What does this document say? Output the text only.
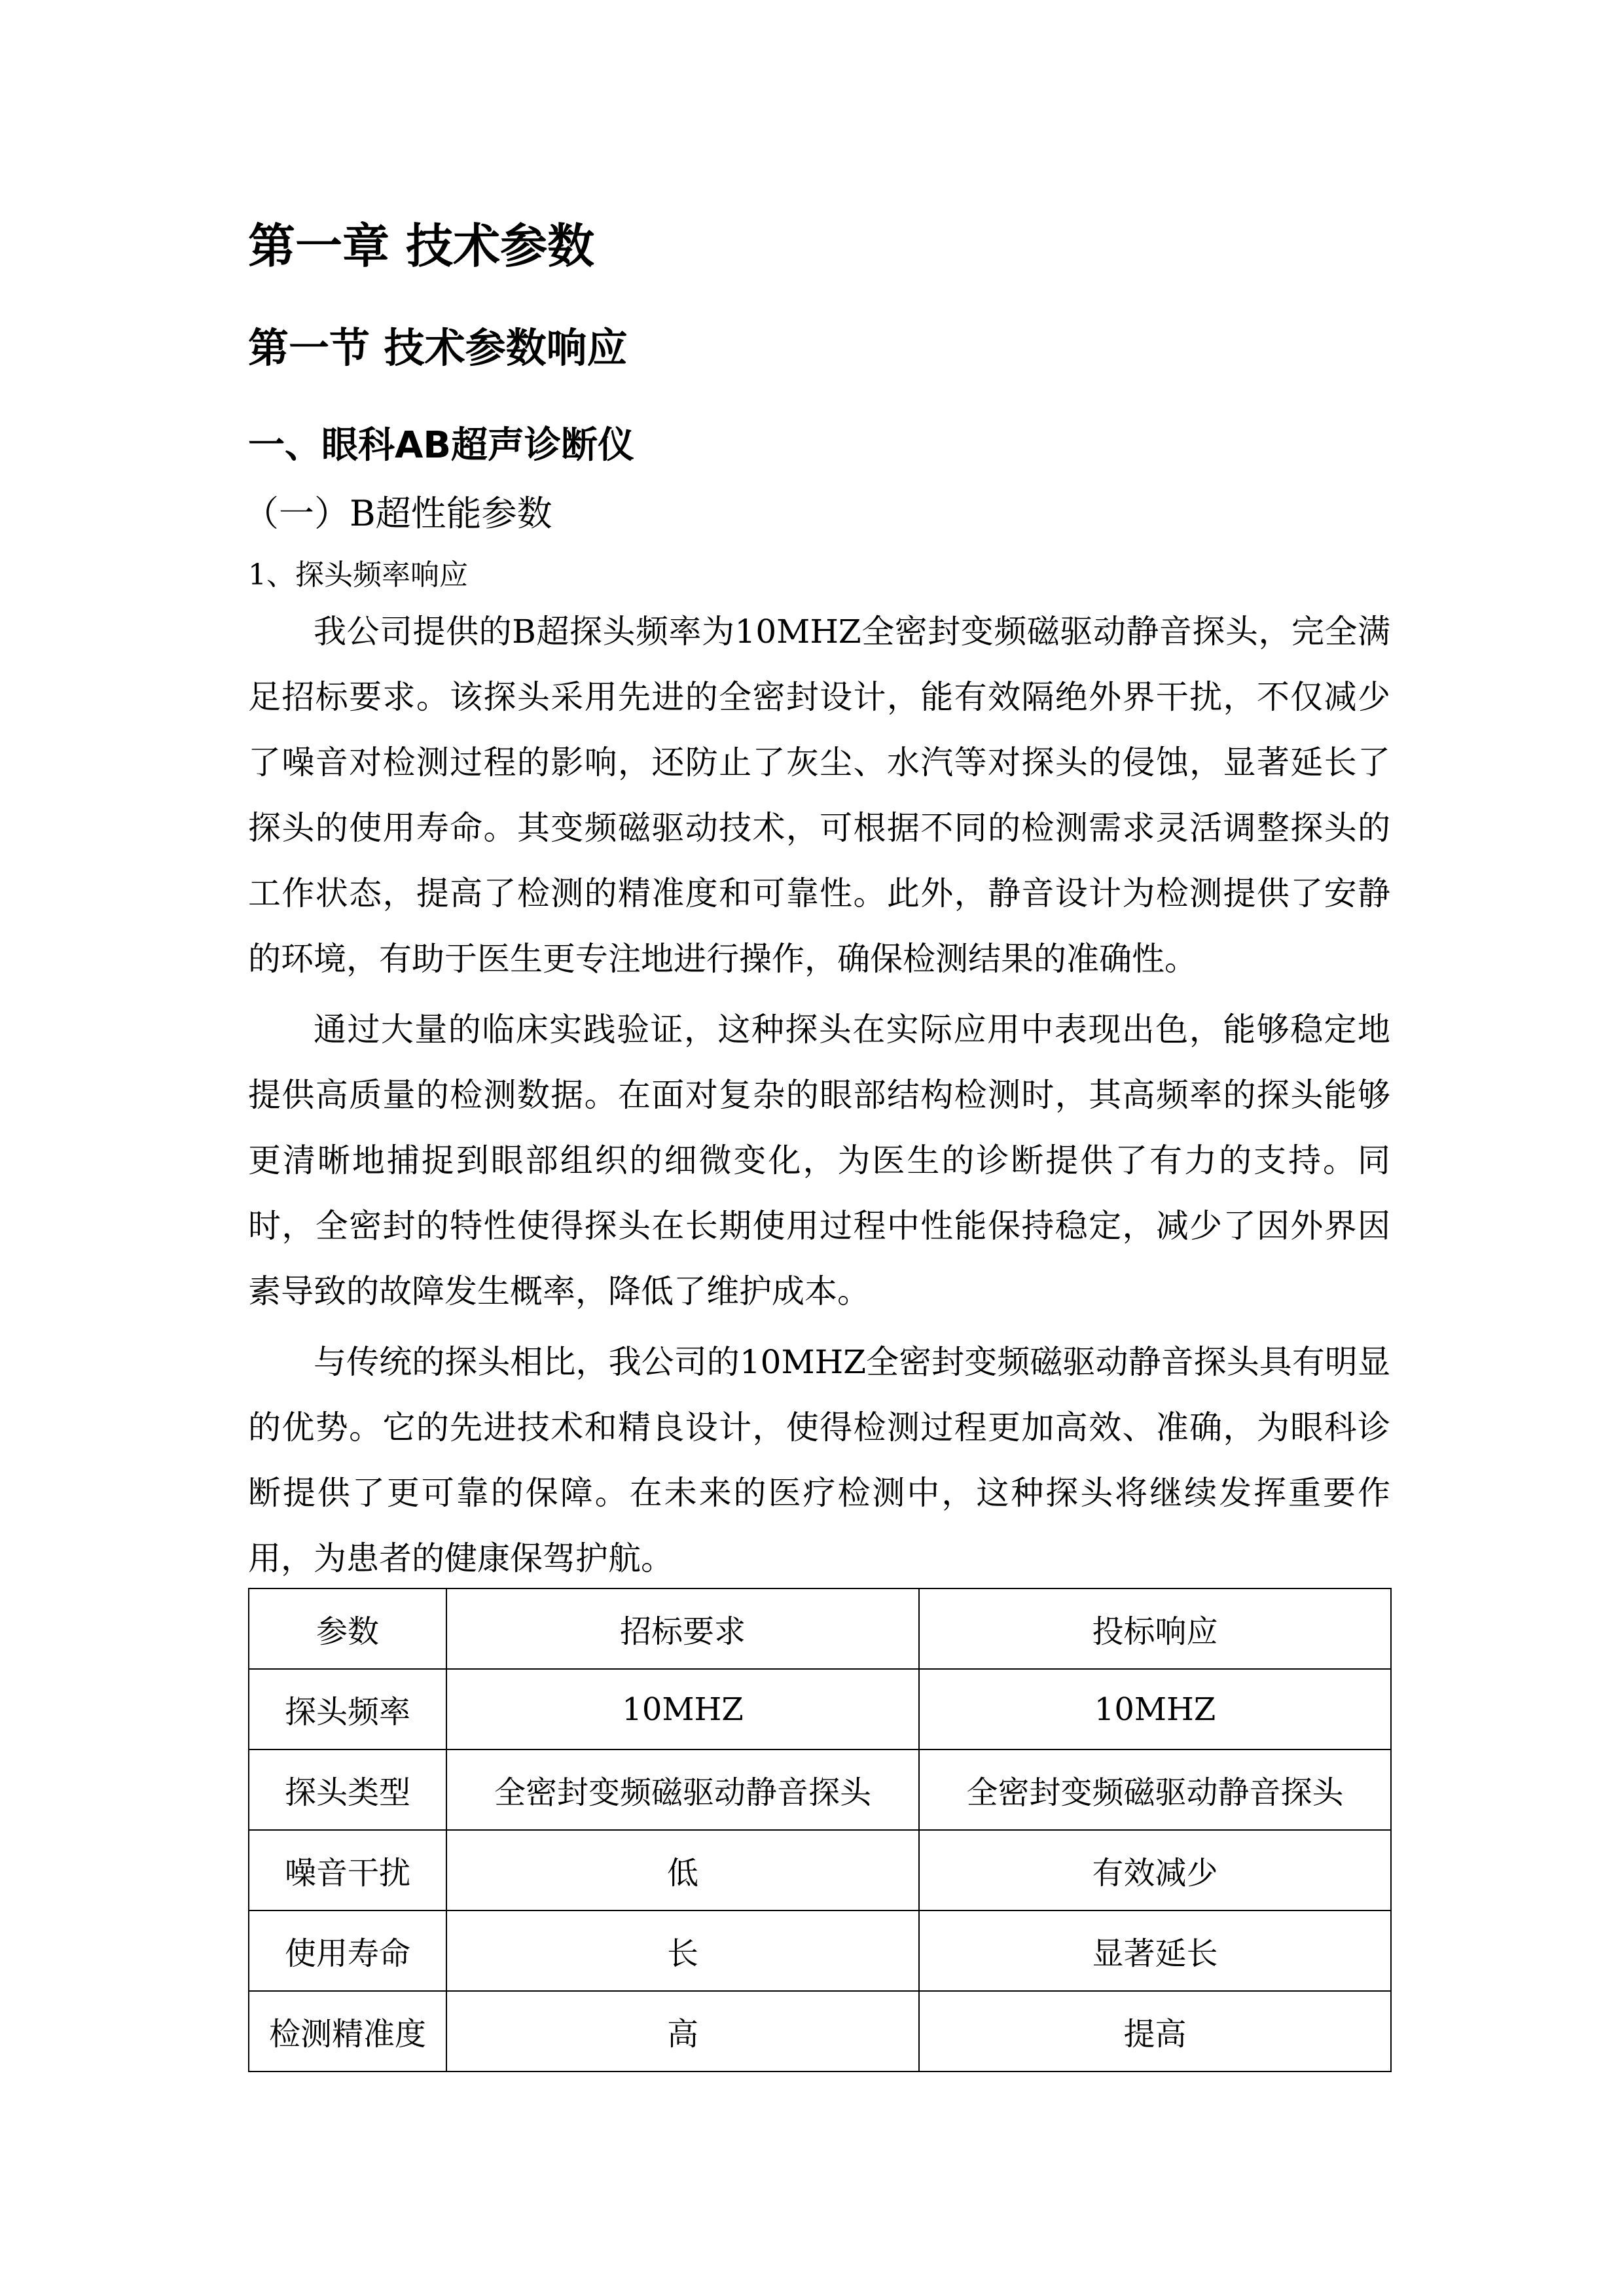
第一章 技术参数
第一节 技术参数响应
一、眼科AB超声诊断仪
（一）B超性能参数
1、探头频率响应
我公司提供的B超探头频率为10MHZ全密封变频磁驱动静音探头，完全满
足招标要求。该探头采用先进的全密封设计，能有效隔绝外界干扰，不仅减少
了噪音对检测过程的影响，还防止了灰尘、水汽等对探头的侵蚀，显著延长了
探头的使用寿命。其变频磁驱动技术，可根据不同的检测需求灵活调整探头的
工作状态，提高了检测的精准度和可靠性。此外，静音设计为检测提供了安静
的环境，有助于医生更专注地进行操作，确保检测结果的准确性。
通过大量的临床实践验证，这种探头在实际应用中表现出色，能够稳定地
提供高质量的检测数据。在面对复杂的眼部结构检测时，其高频率的探头能够
更清晰地捕捉到眼部组织的细微变化，为医生的诊断提供了有力的支持。同
时，全密封的特性使得探头在长期使用过程中性能保持稳定，减少了因外界因
素导致的故障发生概率，降低了维护成本。
与传统的探头相比，我公司的10MHZ全密封变频磁驱动静音探头具有明显
的优势。它的先进技术和精良设计，使得检测过程更加高效、准确，为眼科诊
断提供了更可靠的保障。在未来的医疗检测中，这种探头将继续发挥重要作
用，为患者的健康保驾护航。
参数	招标要求	投标响应
探头频率	10MHZ	10MHZ
探头类型	全密封变频磁驱动静音探头	全密封变频磁驱动静音探头
噪音干扰	低	有效减少
使用寿命	长	显著延长
检测精准度	高	提高
